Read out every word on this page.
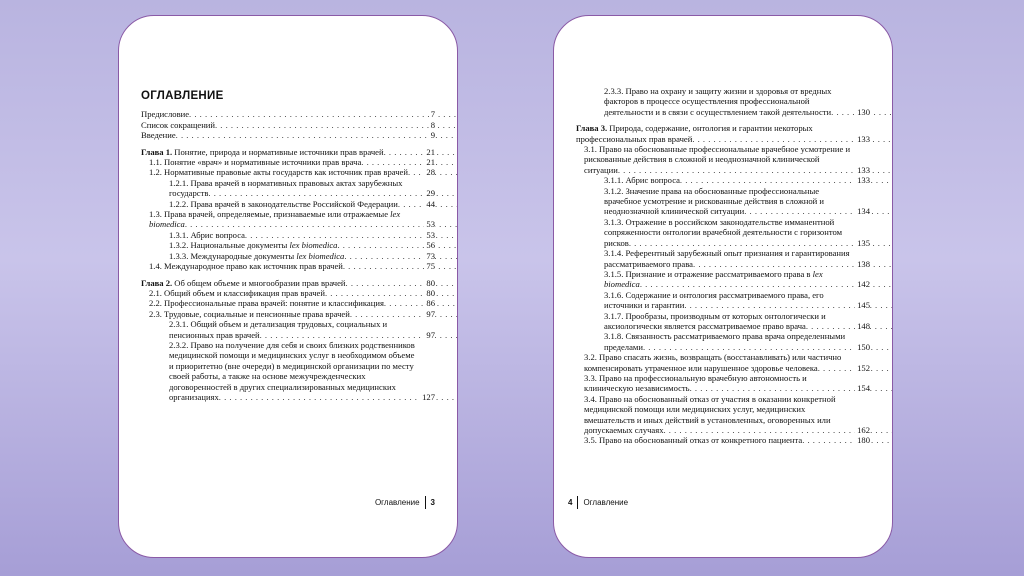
ОГЛАВЛЕНИЕ
Предисловие . . .	7
Список сокращений . . .	8
Введение . . .	9
Глава 1. Понятие, природа и нормативные источники прав врачей . . .	21
1.1. Понятие «врач» и нормативные источники прав врача . . .	21
1.2. Нормативные правовые акты государств как источник прав врачей . . .	28
1.2.1. Права врачей в нормативных правовых актах зарубежных государств . . .	29
1.2.2. Права врачей в законодательстве Российской Федерации . . .	44
1.3. Права врачей, определяемые, признаваемые или отражаемые lex biomedica . . .	53
1.3.1. Абрис вопроса . . .	53
1.3.2. Национальные документы lex biomedica . . .	56
1.3.3. Международные документы lex biomedica . . .	73
1.4. Международное право как источник прав врачей . . .	75
Глава 2. Об общем объеме и многообразии прав врачей . . .	80
2.1. Общий объем и классификация прав врачей . . .	80
2.2. Профессиональные права врачей: понятие и классификация . . .	86
2.3. Трудовые, социальные и пенсионные права врачей . . .	97
2.3.1. Общий объем и детализация трудовых, социальных и пенсионных прав врачей . . .	97
2.3.2. Право на получение для себя и своих близких родственников медицинской помощи и медицинских услуг в необходимом объеме и приоритетно (вне очереди) в медицинской организации по месту своей работы, а также на основе межучрежденческих договоренностей в других специализированных медицинских организациях . . .	127
Оглавление 3
2.3.3. Право на охрану и защиту жизни и здоровья от вредных факторов в процессе осуществления профессиональной деятельности и в связи с осуществлением такой деятельности . . .	130
Глава 3. Природа, содержание, онтология и гарантии некоторых профессиональных прав врачей . . .	133
3.1. Право на обоснованные профессиональные врачебное усмотрение и рискованные действия в сложной и неоднозначной клинической ситуации . . .	133
3.1.1. Абрис вопроса . . .	133
3.1.2. Значение права на обоснованные профессиональные врачебное усмотрение и рискованные действия в сложной и неоднозначной клинической ситуации . . .	134
3.1.3. Отражение в российском законодательстве имманентной сопряженности онтологии врачебной деятельности с горизонтом рисков . . .	135
3.1.4. Референтный зарубежный опыт признания и гарантирования рассматриваемого права . . .	138
3.1.5. Признание и отражение рассматриваемого права в lex biomedica . . .	142
3.1.6. Содержание и онтология рассматриваемого права, его источники и гарантии . . .	145
3.1.7. Прообразы, производным от которых онтологически и аксиологически является рассматриваемое право врача . . .	148
3.1.8. Связанность рассматриваемого права врача определенными пределами . . .	150
3.2. Право спасать жизнь, возвращать (восстанавливать) или частично компенсировать утраченное или нарушенное здоровье человека . . .	152
3.3. Право на профессиональную врачебную автономность и клиническую независимость . . .	154
3.4. Право на обоснованный отказ от участия в оказании конкретной медицинской помощи или медицинских услуг, медицинских вмешательств и иных действий в установленных, оговоренных или допускаемых случаях . . .	162
3.5. Право на обоснованный отказ от конкретного пациента . . .	180
4 Оглавление
